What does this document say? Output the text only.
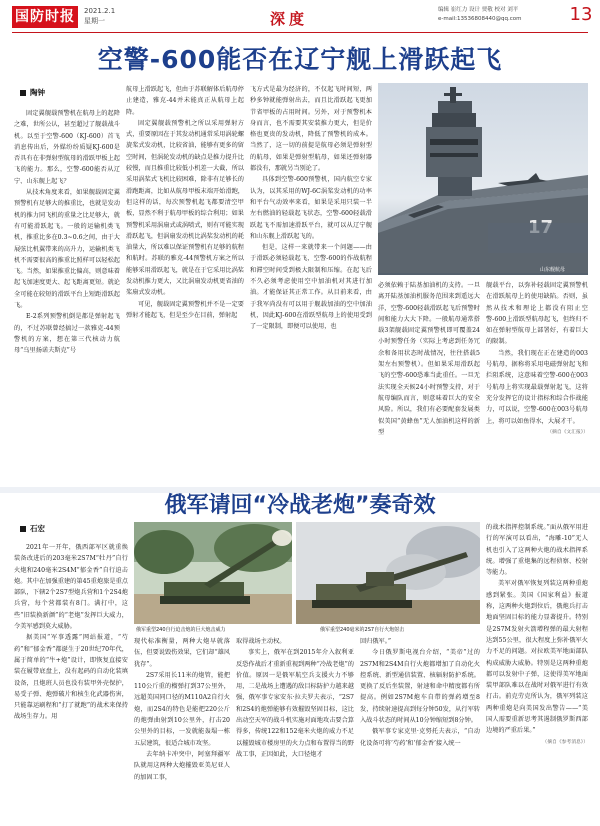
国防时报	2021.2.1
星期一	深度	编辑 崔红力 设计 贾敬 校对 刘平
e-mail:13536808440@qq.com	13
空警-600能否在辽宁舰上滑跃起飞
陶钟

固定翼舰载预警机在航母上的起降之难，世所公认，甚至超过了舰载战斗机。以至于空警-600（KJ-600）首飞消息传出后，外媒纷纷质疑KJ-600是否具有在非弹射型航母的滑跃甲板上起飞的能力。那么，空警-600能否从辽宁、山东舰上起飞？

从技术角度来看，如果舰载固定翼预警机有足够大的推重比，也就是发动机的推力同飞机的重量之比足够大，就有可能滑跃起飞。一般的运输机类飞机，推重比多在0.3~0.6之间，由于大展弦比机翼带来的高升力，运输机类飞机不需要很高的推重比照样可以轻松起飞。当然，如果推重比偏高，则意味着起飞加速度更大、起飞距离更短。就论全可能在较短的滑跃平台上短距滑跃起飞。

E-2系列预警机倒是都是弹射起飞的，不过苏联曾经搞过一款雅克-44预警机的方案，想在第三代核动力航母“乌里扬诺夫斯克”号

航母上滑跃起飞，但由于苏联解体后航母停止建造，雅克-44并未能真正从航母上起降。

固定翼舰载预警机之所以采用弹射方式，重要原因在于其发动机通常采用涡轮螺旋桨式发动机，比较省油，能够有更多的留空时间，但涡轮发动机的缺点是推力提升比较慢，而且推重比较低小机差一大截，所以采用涡桨式飞机比较困难，除非有足够长的滑跑距离，比如从航母甲板末端开始滑跑，但这样的话，每次预警机起飞都要清空甲板，显然不利于航母甲板的综合利用；如果预警机采用涡扇式或涡喷式，则有可能实现滑跃起飞，但涡扇发动机比涡桨发动机的耗油量大，所以难以保证预警机有足够的航程和航时。苏联的雅克-44预警机方案之所以能够采用滑跃起飞，就是在于它采用比涡桨发动机推力更大，又比涡扇发动机更省油的桨扇式发动机。

可见，舰载固定翼预警机并不是一定要弹射才能起飞，但是至少在目前，弹射起

飞方式是最为经济的，不仅起飞时间短，两秒多钟就能弹射出去，而且比滑跃起飞更加节省甲板的占用时间。另外，对于预警机本身而言，也不需要其安装推力更大，但是价格也更贵的发动机，降低了预警机的成本。当然了，这一切的前提是航母必须是弹射型的航母，如果是弹射型航母，如果还弹射器都没有，那就另当别论了。

具体到空警-600预警机，国内航空专家认为，以其采用的WJ-6C涡桨发动机的功率和平台气动效率来看，如果是采用只装一半左右燃油的轻载起飞状态，空警-600轻载滑跃起飞不需加速滑跃平台，就可以从辽宁舰和山东舰上滑跃起飞的。

但是，这样一来就带来一个问题——由于滑跃必须轻载起飞，空警-600的作战航程和滞空时间受到极大限制和压缩。在起飞后不久必须考虑使用空中加油机对其进行加油。才能保证其正常工作。从目前来看，由于我军尚没有可以用于舰载加油的空中加油机，因此KJ-600在滑跃型航母上的使用受到了一定限制，即便可以使用，也

山东舰航母

必须依赖于陆基加油机的支持。一旦离开陆基加油机服务范围来到遥远大洋，空警-600轻载滑跃起飞后预警时间和能力大大下降。一般航母通常搭载3架舰载固定翼预警机即可覆盖24小时预警任务（实际上考虑到任务冗余和备用状态时战情况，往往搭载5架左右预警机）。但如果采用滑跃起飞的空警-600恐难当此重任。一旦无法实现全天候24小时预警支持，对于航母编队而言，则意味着巨大的安全风险。所以，我们有必要配套发展类似美国“黄蜂鱼”无人加油机这样的新型

舰载平台，以弥补轻载固定翼预警机在滑跃航母上的使用缺陷。否则，虽然从技术和理论上都没有阻止空警-600上滑跃型航母起飞，但终归不如在弹射型航母上部署好，有着巨大的限制。

当然，我们现在正在建造的003号航母，据称将采用电磁弹射起飞和拦阻系统，这意味着空警-600在003号航母上将实现最载弹射起飞，这将充分发挥它的设计指标和综合作战能力，可以说，空警-600在003号航母上，将可以如鱼得水，大展才干。

（摘自《文汇报》）

俄军请回“冷战老炮”奏奇效
石宏

2021年一开年，俄西部军区就重焕装备改进后的203毫米2S7M“牡丹”自行火炮和240毫米2S4M“郁金香”自行迫击炮。其中在加强重建的第45重炮旅是重点部队，下辖2个2S7型炮兵营和1个2S4炮兵营，每个营都装有8门。满打中，这些“旧装换新颜”的“老炮”发挥巨大威力，令美军感到莫大威胁。

据美国“军事透露”网站报道，“芍药”和“郁金香”都诞生于20世纪70年代，属于简单的“牛+炮”设计，即恢复直接安装在履带底盘上，没有起码的自动化装填设备，且炮班人员也没有装甲外壳保护，易受子弹、炮弹破片和核生化武器伤害，只能靠运刷程和“打了就跑”的战术来保持战场生存力。用

俄军重型240自行迫击炮的巨大炮击威力	俄军重型240毫米的2S7自行火炮射击

现代标准衡量，两种大炮早就落伍，但要说毁伤效果，它们却“雄风犹存”。

2S7采用长11米的炮管，能把110公斤重的榴弹打到37公里外，远超美国同口径的M110A2自行火炮，而2S4的特色是能把220公斤的炮弹曲射到10公里外，打击20公里外的目标，一发就能轰塌一栋五层建筑，很适合城市攻坚。

去年纳卡冲突中，阿塞拜疆军队就用这两种大炮摧毁亚美尼亚人的加固工事，

取得战场主动权。

事实上，俄军在到2015年介入叙利亚反恐作战后才重新重视到两种“冷战老炮”的价值。原因一是俄军航空兵支援火力不够用，二是战场上遭遇的敌目标防护力越来越强，俄军事专家安东·拉夫罗夫表示，“2S7和2S4的炮弹能够有效摧毁坚固目标，这比出动空天军的战斗机实施对面地攻击要合算得多，传统122和152毫米火炮的威力不足以摧毁城市楼房里的火力点和布置得当的野战工事，正因如此，大口径炮才

回归俄军。”

今日俄罗斯电视台介绍，“美帝”过的2S7M和2S4M自行火炮都增加了自动化火控系统、新型通信装置、核辐射防护系统。更换了反后坐装置，射速和命中精度都有所提高。例如2S7M炮车自带的弹药增至8发，持续射速提高到每分钟50发，从行军转入战斗状态的时间从10分钟缩短到8分钟。

俄军事专家克里·克努托夫表示，“自动化设备可将‘芍药’和‘郁金香’接入统一

的战术指挥控制系统。”面从俄军用进行的军演可以看出，“海雕-10”无人机也引入了这两种火炮的战术指挥系统。增强了重炮集的远程侦察、校射等能力。

美军对俄军恢复列装这两种重炮感到紧张。美国《国家利益》报道称，这两种火炮到位后，俄炮兵打击地面坚固目标的能力显著提升。特别是2S7M发射火箭增程弹的最大射程达到55公里，很大程度上弥补俄军火力不足的问题。对拉欧美军地面部队构成威胁大威胁。特别是这两种重炮都可以发射中子弹，这使得美军地面装甲部队难以在战时对俄军进行有效打击。前克劳克所认为，俄军列装这两种重炮是向美国发出警告——“美国人需要重新思考其遏制俄罗斯西部边境的严重后果。”

（摘自《参考消息》）
